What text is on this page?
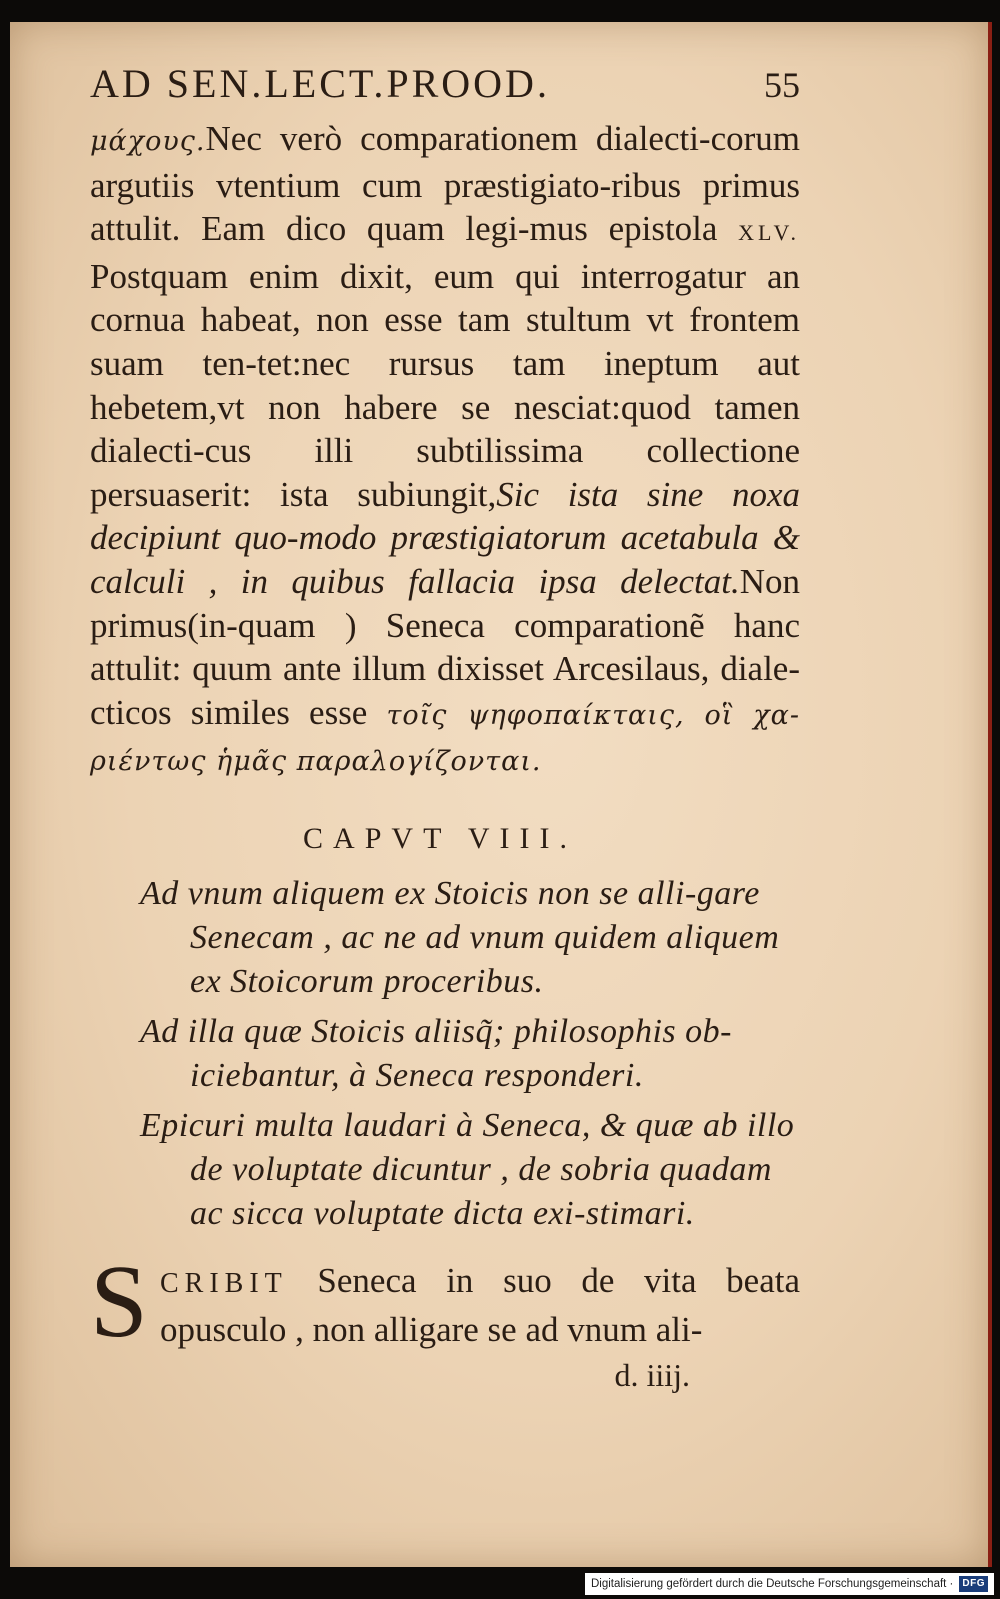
AD SEN.LECT.PROOD.	55
μάχους.Nec verò comparationem dialecti-corum argutiis vtentium cum præstigiato-ribus primus attulit. Eam dico quam legi-mus epistola XLV. Postquam enim dixit, eum qui interrogatur an cornua habeat, non esse tam stultum vt frontem suam ten-tet:nec rursus tam ineptum aut hebetem,vt non habere se nesciat:quod tamen dialecti-cus illi subtilissima collectione persuaserit: ista subiungit,Sic ista sine noxa decipiunt quo-modo præstigiatorum acetabula & calculi , in quibus fallacia ipsa delectat.Non primus(in-quam ) Seneca comparationẽ hanc attulit: quum ante illum dixisset Arcesilaus, diale-cticos similes esse τοῖς ψηφοπαίκταις, οἳ χα-ριέντως ἡμᾶς παραλογίζονται.
CAPVT VIII.
Ad vnum aliquem ex Stoicis non se alli-gare Senecam , ac ne ad vnum quidem aliquem ex Stoicorum proceribus.
Ad illa quæ Stoicis aliisq̃; philosophis ob-iciebantur, à Seneca responderi.
Epicuri multa laudari à Seneca, & quæ ab illo de voluptate dicuntur , de sobria quadam ac sicca voluptate dicta exi-stimari.
S CRIBIT Seneca in suo de vita beata opusculo , non alligare se ad vnum ali-
d. iiij.
Digitalisierung gefördert durch die Deutsche Forschungsgemeinschaft · DFG
